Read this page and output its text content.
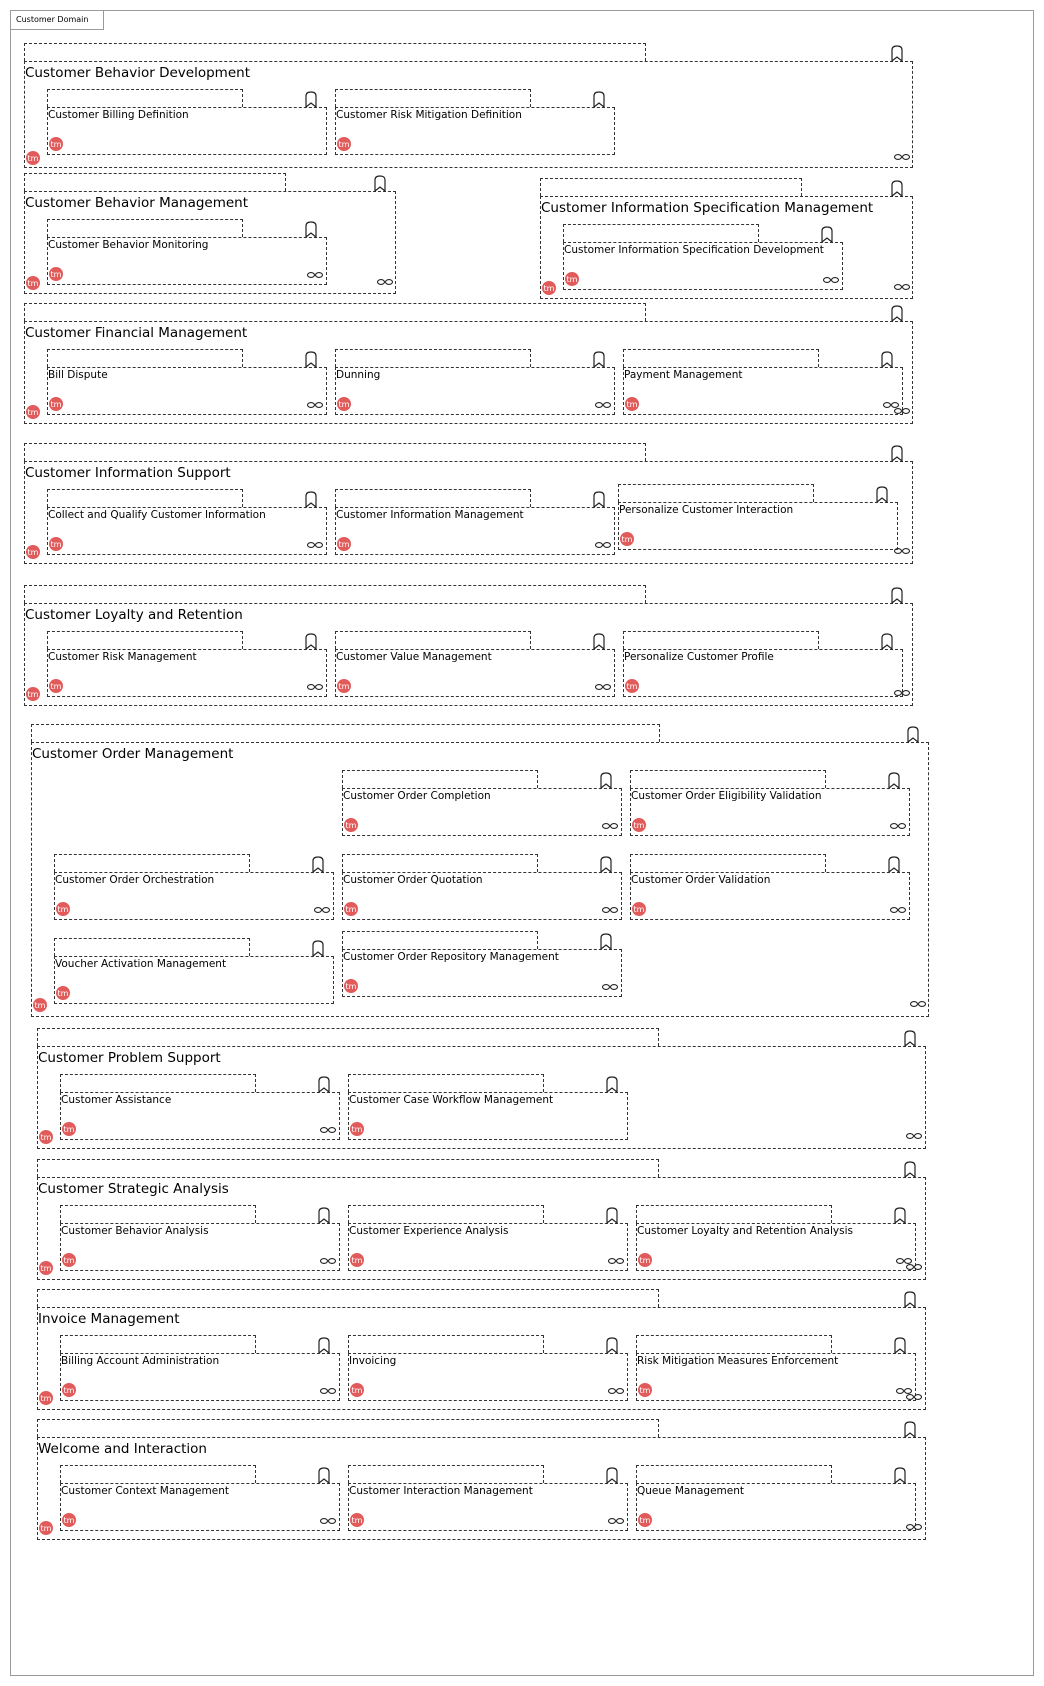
Customer Domain
Customer Behavior Development
Customer Billing Definition	Customer Risk Mitigation Definition
Customer Behavior Management
Customer Behavior Monitoring
Customer Information Specification Management
Customer Information Specification Development
Customer Financial Management
Bill Dispute	Dunning	Payment Management
Customer Information Support
Collect and Qualify Customer Information	Customer Information Management	Personalize Customer Interaction
Customer Loyalty and Retention
Customer Risk Management	Customer Value Management	Personalize Customer Profile
Customer Order Management
Customer Order Completion	Customer Order Eligibility Validation
Customer Order Orchestration	Customer Order Quotation	Customer Order Validation
Voucher Activation Management
Customer Order Repository Management
Customer Problem Support
Customer Assistance	Customer Case Workflow Management
Customer Strategic Analysis
Customer Behavior Analysis	Customer Experience Analysis	Customer Loyalty and Retention Analysis
Invoice Management
Billing Account Administration	Invoicing	Risk Mitigation Measures Enforcement
Welcome and Interaction
Customer Context Management	Customer Interaction Management	Queue Management
tm
tm	tm
tm
tm
tm
tm
tm
tm	tm	tm
tm
tm	tm
tm
tm
tm	tm	tm
tm
tm	tm
tm	tm	tm
tm
tm
tm
tm	tm
tm
tm	tm	tm
tm
tm	tm	tm
tm
tm	tm	tm
